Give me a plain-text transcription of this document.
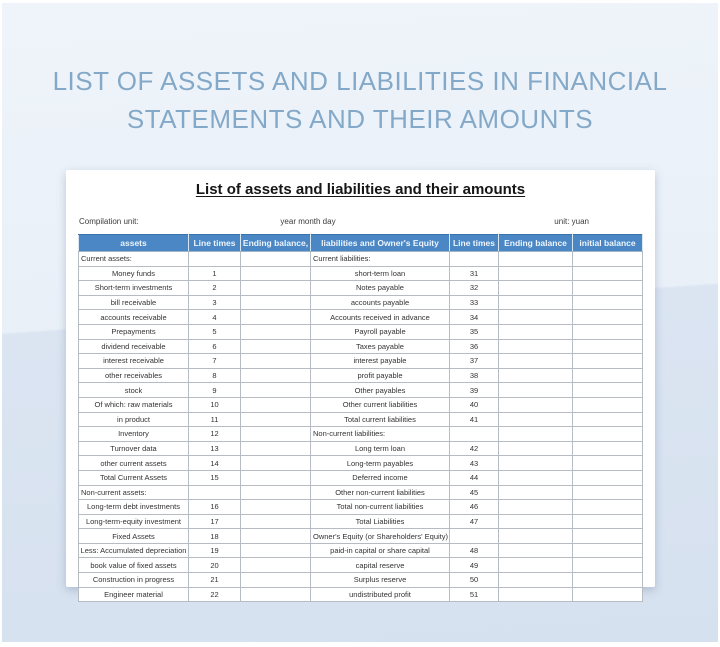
LIST OF ASSETS AND LIABILITIES IN FINANCIAL
STATEMENTS AND THEIR AMOUNTS
List of assets and liabilities and their amounts
Compilation unit:	year month day	unit: yuan
assets	Line times	Ending balance,	liabilities and Owner's Equity	Line times	Ending balance	initial balance
Current assets:			Current liabilities:			
Money funds	1		short-term loan	31		
Short-term investments	2		Notes payable	32		
bill receivable	3		accounts payable	33		
accounts receivable	4		Accounts received in advance	34		
Prepayments	5		Payroll payable	35		
dividend receivable	6		Taxes payable	36		
interest receivable	7		interest payable	37		
other receivables	8		profit payable	38		
stock	9		Other payables	39		
Of which: raw materials	10		Other current liabilities	40		
in product	11		Total current liabilities	41		
Inventory	12		Non-current liabilities:			
Turnover data	13		Long term loan	42		
other current assets	14		Long-term payables	43		
Total Current Assets	15		Deferred income	44		
Non-current assets:			Other non-current liabilities	45		
Long-term debt investments	16		Total non-current liabilities	46		
Long-term-equity investment	17		Total Liabilities	47		
Fixed Assets	18		Owner's Equity (or Shareholders' Equity)			
Less: Accumulated depreciation	19		paid-in capital or share capital	48		
book value of fixed assets	20		capital reserve	49		
Construction in progress	21		Surplus reserve	50		
Engineer material	22		undistributed profit	51		
